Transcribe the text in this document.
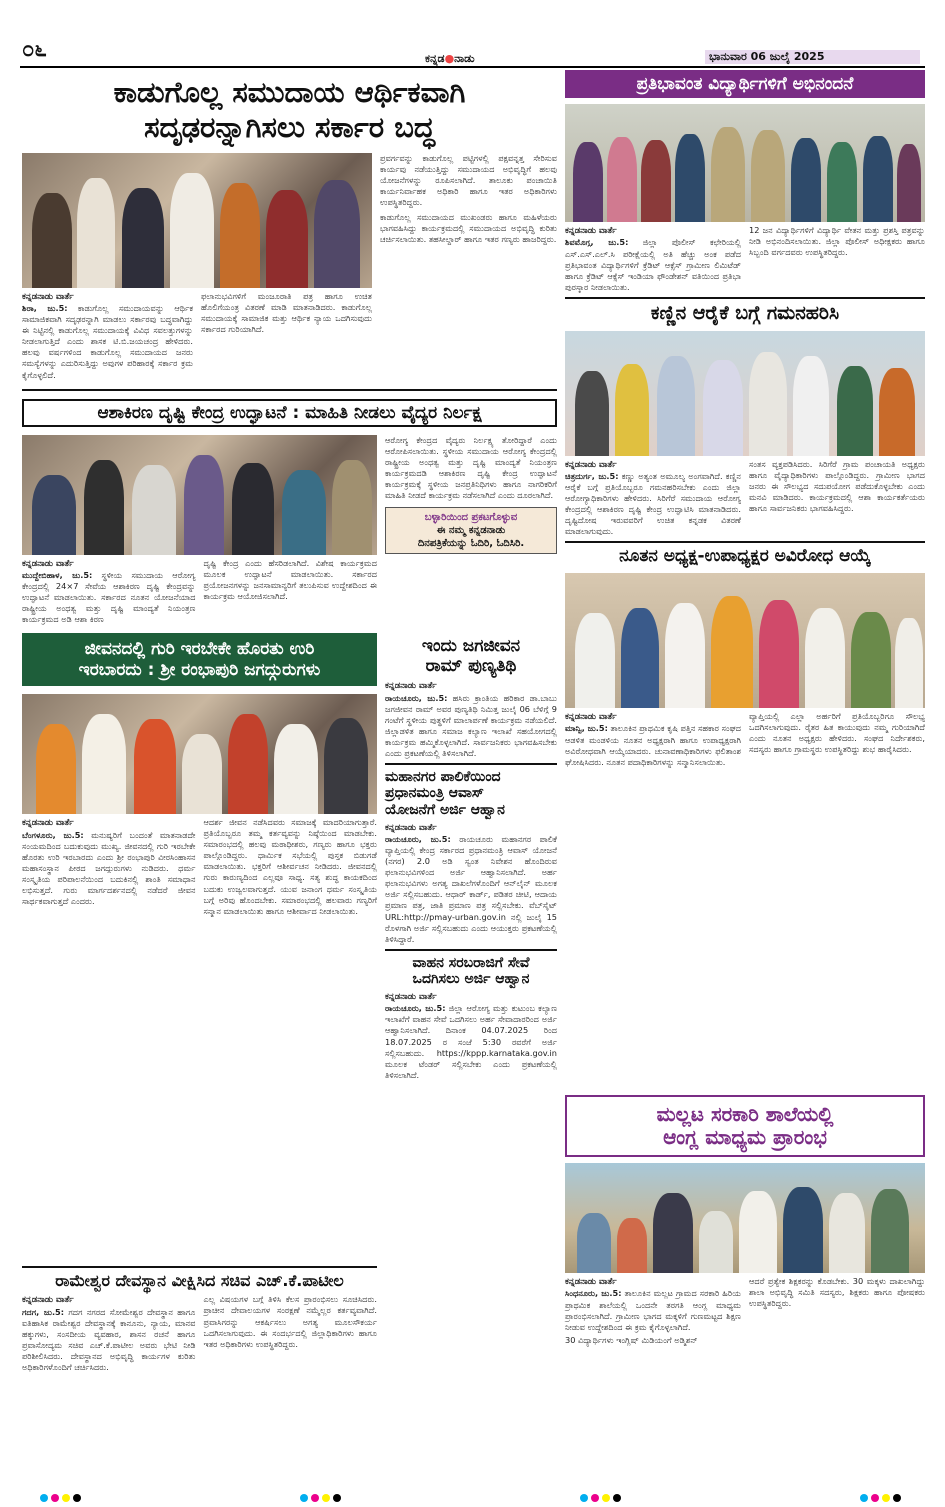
೦೬	ಕನ್ನಡ●ನಾಡು	ಭಾನುವಾರ 06 ಜುಲೈ 2025
ಕಾಡುಗೊಲ್ಲ ಸಮುದಾಯ ಆರ್ಥಿಕವಾಗಿ
ಸದೃಢರನ್ನಾಗಿಸಲು ಸರ್ಕಾರ ಬದ್ಧ
ಕನ್ನಡನಾಡು ವಾರ್ತೆ
ಶಿರಾ, ಜು.5: ಕಾಡುಗೊಲ್ಲ ಸಮುದಾಯವನ್ನು ಆರ್ಥಿಕ ಸಾಮಾಜಿಕವಾಗಿ ಸದೃಢರನ್ನಾಗಿ ಮಾಡಲು ಸರ್ಕಾರವು ಬದ್ಧವಾಗಿದ್ದು ಈ ನಿಟ್ಟಿನಲ್ಲಿ ಕಾಡುಗೊಲ್ಲ ಸಮುದಾಯಕ್ಕೆ ವಿವಿಧ ಸವಲತ್ತುಗಳನ್ನು ನೀಡಲಾಗುತ್ತಿದೆ ಎಂದು ಶಾಸಕ ಟಿ.ಬಿ.ಜಯಚಂದ್ರ ಹೇಳಿದರು. ಹಲವು ವರ್ಷಗಳಿಂದ ಕಾಡುಗೊಲ್ಲ ಸಮುದಾಯದ ಜನರು ಸಮಸ್ಯೆಗಳನ್ನು ಎದುರಿಸುತ್ತಿದ್ದು ಅವುಗಳ ಪರಿಹಾರಕ್ಕೆ ಸರ್ಕಾರ ಕ್ರಮ ಕೈಗೊಳ್ಳಲಿದೆ.
ಫಲಾನುಭವಿಗಳಿಗೆ ಮಂಜೂರಾತಿ ಪತ್ರ ಹಾಗೂ ಉಚಿತ ಹೊಲಿಗೆಯಂತ್ರ ವಿತರಣೆ ಮಾಡಿ ಮಾತನಾಡಿದರು. ಕಾಡುಗೊಲ್ಲ ಸಮುದಾಯಕ್ಕೆ ಸಾಮಾಜಿಕ ಮತ್ತು ಆರ್ಥಿಕ ನ್ಯಾಯ ಒದಗಿಸುವುದು ಸರ್ಕಾರದ ಗುರಿಯಾಗಿದೆ.
ಪ್ರವರ್ಗವನ್ನು ಕಾಡುಗೊಲ್ಲ ಪಟ್ಟಿಗಳಲ್ಲಿ ಪಕ್ಷವನ್ನತ್ತ ಸೇರಿಸುವ ಕಾರ್ಯವು ನಡೆಯುತ್ತಿದ್ದು ಸಮುದಾಯದ ಅಭಿವೃದ್ಧಿಗೆ ಹಲವು ಯೋಜನೆಗಳನ್ನು ರೂಪಿಸಲಾಗಿದೆ. ತಾಲೂಕು ಪಂಚಾಯಿತಿ ಕಾರ್ಯನಿರ್ವಾಹಕ ಅಧಿಕಾರಿ ಹಾಗೂ ಇತರ ಅಧಿಕಾರಿಗಳು ಉಪಸ್ಥಿತರಿದ್ದರು.
ಕಾಡುಗೊಲ್ಲ ಸಮುದಾಯದ ಮುಖಂಡರು ಹಾಗೂ ಮಹಿಳೆಯರು ಭಾಗವಹಿಸಿದ್ದು ಕಾರ್ಯಕ್ರಮದಲ್ಲಿ ಸಮುದಾಯದ ಅಭಿವೃದ್ಧಿ ಕುರಿತು ಚರ್ಚಿಸಲಾಯಿತು. ತಹಸೀಲ್ದಾರ್ ಹಾಗೂ ಇತರ ಗಣ್ಯರು ಹಾಜರಿದ್ದರು.
ಆಶಾಕಿರಣ ದೃಷ್ಟಿ ಕೇಂದ್ರ ಉದ್ಘಾಟನೆ : ಮಾಹಿತಿ ನೀಡಲು ವೈದ್ಯರ ನಿರ್ಲಕ್ಷ
ಕನ್ನಡನಾಡು ವಾರ್ತೆ
ಮುದ್ದೇಬಿಹಾಳ, ಜು.5: ಸ್ಥಳೀಯ ಸಮುದಾಯ ಆರೋಗ್ಯ ಕೇಂದ್ರದಲ್ಲಿ 24×7 ಸೇವೆಯ ಆಶಾಕಿರಣ ದೃಷ್ಟಿ ಕೇಂದ್ರವನ್ನು ಉದ್ಘಾಟನೆ ಮಾಡಲಾಯಿತು. ಸರ್ಕಾರದ ನೂತನ ಯೋಜನೆಯಾದ ರಾಷ್ಟ್ರೀಯ ಅಂಧತ್ವ ಮತ್ತು ದೃಷ್ಟಿ ಮಾಂದ್ಯತೆ ನಿಯಂತ್ರಣ ಕಾರ್ಯಕ್ರಮದ ಅಡಿ ಆಶಾ ಕಿರಣ
ದೃಷ್ಟಿ ಕೇಂದ್ರ ಎಂದು ಹೆಸರಿಡಲಾಗಿದೆ. ವಿಶೇಷ ಕಾರ್ಯಕ್ರಮದ ಮೂಲಕ ಉದ್ಘಾಟನೆ ಮಾಡಲಾಯಿತು. ಸರ್ಕಾರದ ಪ್ರಯೋಜನಗಳನ್ನು ಜನಸಾಮಾನ್ಯರಿಗೆ ತಲುಪಿಸುವ ಉದ್ದೇಶದಿಂದ ಈ ಕಾರ್ಯಕ್ರಮ ಆಯೋಜಿಸಲಾಗಿದೆ.
ಆರೋಗ್ಯ ಕೇಂದ್ರದ ವೈದ್ಯರು ನಿರ್ಲಕ್ಷ್ಯ ತೋರಿದ್ದಾರೆ ಎಂದು ಆರೋಪಿಸಲಾಯಿತು. ಸ್ಥಳೀಯ ಸಮುದಾಯ ಆರೋಗ್ಯ ಕೇಂದ್ರದಲ್ಲಿ ರಾಷ್ಟ್ರೀಯ ಅಂಧತ್ವ ಮತ್ತು ದೃಷ್ಟಿ ಮಾಂದ್ಯತೆ ನಿಯಂತ್ರಣ ಕಾರ್ಯಕ್ರಮದಡಿ ಆಶಾಕಿರಣ ದೃಷ್ಟಿ ಕೇಂದ್ರ ಉದ್ಘಾಟನೆ ಕಾರ್ಯಕ್ರಮಕ್ಕೆ ಸ್ಥಳೀಯ ಜನಪ್ರತಿನಿಧಿಗಳು ಹಾಗೂ ನಾಗರಿಕರಿಗೆ ಮಾಹಿತಿ ನೀಡದೆ ಕಾರ್ಯಕ್ರಮ ನಡೆಸಲಾಗಿದೆ ಎಂದು ದೂರಲಾಗಿದೆ.
ಬಳ್ಳಾರಿಯಿಂದ ಪ್ರಕಟಗೊಳ್ಳುವ
ಈ ನಮ್ಮ ಕನ್ನಡನಾಡು
ದಿನಪತ್ರಿಕೆಯನ್ನು ಓದಿರಿ, ಓದಿಸಿರಿ.
ಜೀವನದಲ್ಲಿ ಗುರಿ ಇರಬೇಕೇ ಹೊರತು ಉರಿ
ಇರಬಾರದು : ಶ್ರೀ ರಂಭಾಪುರಿ ಜಗದ್ಗುರುಗಳು
ಕನ್ನಡನಾಡು ವಾರ್ತೆ
ಬೆಂಗಳೂರು, ಜು.5: ಮನುಷ್ಯರಿಗೆ ಬಂದಂತೆ ಮಾತನಾಡದೇ ಸಂಯಮದಿಂದ ಬದುಕುವುದು ಮುಖ್ಯ. ಜೀವನದಲ್ಲಿ ಗುರಿ ಇರಬೇಕೇ ಹೊರತು ಉರಿ ಇರಬಾರದು ಎಂದು ಶ್ರೀ ರಂಭಾಪುರಿ ವೀರಸಿಂಹಾಸನ ಮಹಾಸಂಸ್ಥಾನ ಪೀಠದ ಜಗದ್ಗುರುಗಳು ನುಡಿದರು. ಧರ್ಮ ಸಂಸ್ಕೃತಿಯ ಪರಿಪಾಲನೆಯಿಂದ ಬದುಕಿನಲ್ಲಿ ಶಾಂತಿ ಸಮಾಧಾನ ಲಭಿಸುತ್ತದೆ. ಗುರು ಮಾರ್ಗದರ್ಶನದಲ್ಲಿ ನಡೆದರೆ ಜೀವನ ಸಾರ್ಥಕವಾಗುತ್ತದೆ ಎಂದರು.
ಆದರ್ಶ ಜೀವನ ನಡೆಸಿದವರು ಸಮಾಜಕ್ಕೆ ಮಾದರಿಯಾಗುತ್ತಾರೆ. ಪ್ರತಿಯೊಬ್ಬರೂ ತಮ್ಮ ಕರ್ತವ್ಯವನ್ನು ನಿಷ್ಠೆಯಿಂದ ಮಾಡಬೇಕು. ಸಮಾರಂಭದಲ್ಲಿ ಹಲವು ಮಠಾಧೀಶರು, ಗಣ್ಯರು ಹಾಗೂ ಭಕ್ತರು ಪಾಲ್ಗೊಂಡಿದ್ದರು. ಧಾರ್ಮಿಕ ಸಭೆಯಲ್ಲಿ ಪುಸ್ತಕ ಬಿಡುಗಡೆ ಮಾಡಲಾಯಿತು. ಭಕ್ತರಿಗೆ ಆಶೀರ್ವಚನ ನೀಡಿದರು. ಜೀವನದಲ್ಲಿ ಗುರು ಕಾರುಣ್ಯದಿಂದ ಎಲ್ಲವೂ ಸಾಧ್ಯ. ಸತ್ಯ ಶುದ್ಧ ಕಾಯಕದಿಂದ ಬದುಕು ಉಜ್ವಲವಾಗುತ್ತದೆ. ಯುವ ಜನಾಂಗ ಧರ್ಮ ಸಂಸ್ಕೃತಿಯ ಬಗ್ಗೆ ಅರಿವು ಹೊಂದಬೇಕು. ಸಮಾರಂಭದಲ್ಲಿ ಹಲವಾರು ಗಣ್ಯರಿಗೆ ಸನ್ಮಾನ ಮಾಡಲಾಯಿತು ಹಾಗೂ ಆಶೀರ್ವಾದ ನೀಡಲಾಯಿತು.
ಇಂದು ಜಗಜೀವನ
ರಾಮ್ ಪುಣ್ಯತಿಥಿ
ಕನ್ನಡನಾಡು ವಾರ್ತೆ
ರಾಯಚೂರು, ಜು.5: ಹಸಿರು ಕ್ರಾಂತಿಯ ಹರಿಕಾರ ಡಾ.ಬಾಬು ಜಗಜೀವನ ರಾಮ್ ಅವರ ಪುಣ್ಯತಿಥಿ ನಿಮಿತ್ತ ಜುಲೈ 06 ಬೆಳಿಗ್ಗೆ 9 ಗಂಟೆಗೆ ಸ್ಥಳೀಯ ಪುತ್ಥಳಿಗೆ ಮಾಲಾರ್ಪಣೆ ಕಾರ್ಯಕ್ರಮ ನಡೆಯಲಿದೆ. ಜಿಲ್ಲಾಡಳಿತ ಹಾಗೂ ಸಮಾಜ ಕಲ್ಯಾಣ ಇಲಾಖೆ ಸಹಯೋಗದಲ್ಲಿ ಕಾರ್ಯಕ್ರಮ ಹಮ್ಮಿಕೊಳ್ಳಲಾಗಿದೆ. ಸಾರ್ವಜನಿಕರು ಭಾಗವಹಿಸಬೇಕು ಎಂದು ಪ್ರಕಟಣೆಯಲ್ಲಿ ತಿಳಿಸಲಾಗಿದೆ.
ಮಹಾನಗರ ಪಾಲಿಕೆಯಿಂದ
ಪ್ರಧಾನಮಂತ್ರಿ ಆವಾಸ್
ಯೋಜನೆಗೆ ಅರ್ಜಿ ಆಹ್ವಾನ
ಕನ್ನಡನಾಡು ವಾರ್ತೆ
ರಾಯಚೂರು, ಜು.5: ರಾಯಚೂರು ಮಹಾನಗರ ಪಾಲಿಕೆ ವ್ಯಾಪ್ತಿಯಲ್ಲಿ ಕೇಂದ್ರ ಸರ್ಕಾರದ ಪ್ರಧಾನಮಂತ್ರಿ ಆವಾಸ್ ಯೋಜನೆ (ನಗರ) 2.0 ಅಡಿ ಸ್ವಂತ ನಿವೇಶನ ಹೊಂದಿರುವ ಫಲಾನುಭವಿಗಳಿಂದ ಅರ್ಜಿ ಆಹ್ವಾನಿಸಲಾಗಿದೆ. ಅರ್ಹ ಫಲಾನುಭವಿಗಳು ಅಗತ್ಯ ದಾಖಲೆಗಳೊಂದಿಗೆ ಆನ್‌ಲೈನ್ ಮೂಲಕ ಅರ್ಜಿ ಸಲ್ಲಿಸಬಹುದು. ಆಧಾರ್ ಕಾರ್ಡ್, ಪಡಿತರ ಚೀಟಿ, ಆದಾಯ ಪ್ರಮಾಣ ಪತ್ರ, ಜಾತಿ ಪ್ರಮಾಣ ಪತ್ರ ಸಲ್ಲಿಸಬೇಕು. ವೆಬ್‌ಸೈಟ್ URL:http://pmay-urban.gov.in ನಲ್ಲಿ ಜುಲೈ 15 ರೊಳಗಾಗಿ ಅರ್ಜಿ ಸಲ್ಲಿಸಬಹುದು ಎಂದು ಆಯುಕ್ತರು ಪ್ರಕಟಣೆಯಲ್ಲಿ ತಿಳಿಸಿದ್ದಾರೆ.
ವಾಹನ ಸರಬರಾಜಿಗೆ ಸೇವೆ
ಒದಗಿಸಲು ಅರ್ಜಿ ಆಹ್ವಾನ
ಕನ್ನಡನಾಡು ವಾರ್ತೆ
ರಾಯಚೂರು, ಜು.5: ಜಿಲ್ಲಾ ಆರೋಗ್ಯ ಮತ್ತು ಕುಟುಂಬ ಕಲ್ಯಾಣ ಇಲಾಖೆಗೆ ವಾಹನ ಸೇವೆ ಒದಗಿಸಲು ಅರ್ಹ ಸೇವಾದಾರರಿಂದ ಅರ್ಜಿ ಆಹ್ವಾನಿಸಲಾಗಿದೆ. ದಿನಾಂಕ 04.07.2025 ರಿಂದ 18.07.2025 ರ ಸಂಜೆ 5:30 ರವರೆಗೆ ಅರ್ಜಿ ಸಲ್ಲಿಸಬಹುದು. https://kppp.karnataka.gov.in ಮೂಲಕ ಟೆಂಡರ್ ಸಲ್ಲಿಸಬೇಕು ಎಂದು ಪ್ರಕಟಣೆಯಲ್ಲಿ ತಿಳಿಸಲಾಗಿದೆ.
ರಾಮೇಶ್ವರ ದೇವಸ್ಥಾನ ವೀಕ್ಷಿಸಿದ ಸಚಿವ ಎಚ್.ಕೆ.ಪಾಟೀಲ
ಕನ್ನಡನಾಡು ವಾರ್ತೆ
ಗದಗ, ಜು.5: ಗದಗ ನಗರದ ಸೋಮೇಶ್ವರ ದೇವಸ್ಥಾನ ಹಾಗೂ ಐತಿಹಾಸಿಕ ರಾಮೇಶ್ವರ ದೇವಸ್ಥಾನಕ್ಕೆ ಕಾನೂನು, ನ್ಯಾಯ, ಮಾನವ ಹಕ್ಕುಗಳು, ಸಂಸದೀಯ ವ್ಯವಹಾರ, ಶಾಸನ ರಚನೆ ಹಾಗೂ ಪ್ರವಾಸೋದ್ಯಮ ಸಚಿವ ಎಚ್.ಕೆ.ಪಾಟೀಲ ಅವರು ಭೇಟಿ ನೀಡಿ ಪರಿಶೀಲಿಸಿದರು. ದೇವಸ್ಥಾನದ ಅಭಿವೃದ್ಧಿ ಕಾರ್ಯಗಳ ಕುರಿತು ಅಧಿಕಾರಿಗಳೊಂದಿಗೆ ಚರ್ಚಿಸಿದರು.
ಎಲ್ಲ ವಿಷಯಗಳ ಬಗ್ಗೆ ತಿಳಿಸಿ ಕೆಲಸ ಪ್ರಾರಂಭಿಸಲು ಸೂಚಿಸಿದರು. ಪ್ರಾಚೀನ ದೇವಾಲಯಗಳ ಸಂರಕ್ಷಣೆ ನಮ್ಮೆಲ್ಲರ ಕರ್ತವ್ಯವಾಗಿದೆ. ಪ್ರವಾಸಿಗರನ್ನು ಆಕರ್ಷಿಸಲು ಅಗತ್ಯ ಮೂಲಸೌಕರ್ಯ ಒದಗಿಸಲಾಗುವುದು. ಈ ಸಂದರ್ಭದಲ್ಲಿ ಜಿಲ್ಲಾಧಿಕಾರಿಗಳು ಹಾಗೂ ಇತರ ಅಧಿಕಾರಿಗಳು ಉಪಸ್ಥಿತರಿದ್ದರು.
ಪ್ರತಿಭಾವಂತ ವಿದ್ಯಾರ್ಥಿಗಳಿಗೆ ಅಭಿನಂದನೆ
ಕನ್ನಡನಾಡು ವಾರ್ತೆ
ಶಿವಮೊಗ್ಗ, ಜು.5: ಜಿಲ್ಲಾ ಪೊಲೀಸ್ ಕಛೇರಿಯಲ್ಲಿ ಎಸ್.ಎಸ್.ಎಲ್.ಸಿ ಪರೀಕ್ಷೆಯಲ್ಲಿ ಅತಿ ಹೆಚ್ಚು ಅಂಕ ಪಡೆದ ಪ್ರತಿಭಾವಂತ ವಿದ್ಯಾರ್ಥಿಗಳಿಗೆ ಕ್ರೆಡಿಟ್ ಆಕ್ಸೆಸ್ ಗ್ರಾಮೀಣ ಲಿಮಿಟೆಡ್ ಹಾಗೂ ಕ್ರೆಡಿಟ್ ಆಕ್ಸೆಸ್ ಇಂಡಿಯಾ ಫೌಂಡೇಶನ್ ವತಿಯಿಂದ ಪ್ರತಿಭಾ ಪುರಸ್ಕಾರ ನೀಡಲಾಯಿತು.
12 ಜನ ವಿದ್ಯಾರ್ಥಿಗಳಿಗೆ ವಿದ್ಯಾರ್ಥಿ ವೇತನ ಮತ್ತು ಪ್ರಶಸ್ತಿ ಪತ್ರವನ್ನು ನೀಡಿ ಅಭಿನಂದಿಸಲಾಯಿತು. ಜಿಲ್ಲಾ ಪೊಲೀಸ್ ಅಧೀಕ್ಷಕರು ಹಾಗೂ ಸಿಬ್ಬಂದಿ ವರ್ಗದವರು ಉಪಸ್ಥಿತರಿದ್ದರು.
ಕಣ್ಣಿನ ಆರೈಕೆ ಬಗ್ಗೆ ಗಮನಹರಿಸಿ
ಕನ್ನಡನಾಡು ವಾರ್ತೆ
ಚಿತ್ರದುರ್ಗ, ಜು.5: ಕಣ್ಣು ಅತ್ಯಂತ ಅಮೂಲ್ಯ ಅಂಗವಾಗಿದೆ. ಕಣ್ಣಿನ ಆರೈಕೆ ಬಗ್ಗೆ ಪ್ರತಿಯೊಬ್ಬರೂ ಗಮನಹರಿಸಬೇಕು ಎಂದು ಜಿಲ್ಲಾ ಆರೋಗ್ಯಾಧಿಕಾರಿಗಳು ಹೇಳಿದರು. ಸಿರಿಗೆರೆ ಸಮುದಾಯ ಆರೋಗ್ಯ ಕೇಂದ್ರದಲ್ಲಿ ಆಶಾಕಿರಣ ದೃಷ್ಟಿ ಕೇಂದ್ರ ಉದ್ಘಾಟಿಸಿ ಮಾತನಾಡಿದರು. ದೃಷ್ಟಿದೋಷ ಇರುವವರಿಗೆ ಉಚಿತ ಕನ್ನಡಕ ವಿತರಣೆ ಮಾಡಲಾಗುವುದು.
ಸಂತಸ ವ್ಯಕ್ತಪಡಿಸಿದರು. ಸಿರಿಗೆರೆ ಗ್ರಾಮ ಪಂಚಾಯತಿ ಅಧ್ಯಕ್ಷರು ಹಾಗೂ ವೈದ್ಯಾಧಿಕಾರಿಗಳು ಪಾಲ್ಗೊಂಡಿದ್ದರು. ಗ್ರಾಮೀಣ ಭಾಗದ ಜನರು ಈ ಸೌಲಭ್ಯದ ಸದುಪಯೋಗ ಪಡೆದುಕೊಳ್ಳಬೇಕು ಎಂದು ಮನವಿ ಮಾಡಿದರು. ಕಾರ್ಯಕ್ರಮದಲ್ಲಿ ಆಶಾ ಕಾರ್ಯಕರ್ತೆಯರು ಹಾಗೂ ಸಾರ್ವಜನಿಕರು ಭಾಗವಹಿಸಿದ್ದರು.
ನೂತನ ಅಧ್ಯಕ್ಷ-ಉಪಾಧ್ಯಕ್ಷರ ಅವಿರೋಧ ಆಯ್ಕೆ
ಕನ್ನಡನಾಡು ವಾರ್ತೆ
ಮಾನ್ವಿ, ಜು.5: ತಾಲೂಕಿನ ಪ್ರಾಥಮಿಕ ಕೃಷಿ ಪತ್ತಿನ ಸಹಕಾರ ಸಂಘದ ಆಡಳಿತ ಮಂಡಳಿಯ ನೂತನ ಅಧ್ಯಕ್ಷರಾಗಿ ಹಾಗೂ ಉಪಾಧ್ಯಕ್ಷರಾಗಿ ಅವಿರೋಧವಾಗಿ ಆಯ್ಕೆಯಾದರು. ಚುನಾವಣಾಧಿಕಾರಿಗಳು ಫಲಿತಾಂಶ ಘೋಷಿಸಿದರು. ನೂತನ ಪದಾಧಿಕಾರಿಗಳನ್ನು ಸನ್ಮಾನಿಸಲಾಯಿತು.
ವ್ಯಾಪ್ತಿಯಲ್ಲಿ ಎಲ್ಲಾ ಅರ್ಹರಿಗೆ ಪ್ರತಿಯೊಬ್ಬರಿಗೂ ಸೌಲಭ್ಯ ಒದಗಿಸಲಾಗುವುದು. ರೈತರ ಹಿತ ಕಾಯುವುದು ನಮ್ಮ ಗುರಿಯಾಗಿದೆ ಎಂದು ನೂತನ ಅಧ್ಯಕ್ಷರು ಹೇಳಿದರು. ಸಂಘದ ನಿರ್ದೇಶಕರು, ಸದಸ್ಯರು ಹಾಗೂ ಗ್ರಾಮಸ್ಥರು ಉಪಸ್ಥಿತರಿದ್ದು ಶುಭ ಹಾರೈಸಿದರು.
ಮಲ್ಲಟ ಸರಕಾರಿ ಶಾಲೆಯಲ್ಲಿ
ಆಂಗ್ಲ ಮಾಧ್ಯಮ ಪ್ರಾರಂಭ
ಕನ್ನಡನಾಡು ವಾರ್ತೆ
ಸಿಂಧನೂರು, ಜು.5: ತಾಲೂಕಿನ ಮಲ್ಲಟ ಗ್ರಾಮದ ಸರಕಾರಿ ಹಿರಿಯ ಪ್ರಾಥಮಿಕ ಶಾಲೆಯಲ್ಲಿ ಒಂದನೇ ತರಗತಿ ಆಂಗ್ಲ ಮಾಧ್ಯಮ ಪ್ರಾರಂಭಿಸಲಾಗಿದೆ. ಗ್ರಾಮೀಣ ಭಾಗದ ಮಕ್ಕಳಿಗೆ ಗುಣಮಟ್ಟದ ಶಿಕ್ಷಣ ನೀಡುವ ಉದ್ದೇಶದಿಂದ ಈ ಕ್ರಮ ಕೈಗೊಳ್ಳಲಾಗಿದೆ.
ಆದರೆ ಪ್ರತ್ಯೇಕ ಶಿಕ್ಷಕರನ್ನು ಕೊಡಬೇಕು. 30 ಮಕ್ಕಳು ದಾಖಲಾಗಿದ್ದು ಶಾಲಾ ಅಭಿವೃದ್ಧಿ ಸಮಿತಿ ಸದಸ್ಯರು, ಶಿಕ್ಷಕರು ಹಾಗೂ ಪೋಷಕರು ಉಪಸ್ಥಿತರಿದ್ದರು.
30 ವಿದ್ಯಾರ್ಥಿಗಳು ಇಂಗ್ಲಿಷ್ ಮಿಡಿಯಂಗೆ ಅಡ್ಮಿಶನ್
